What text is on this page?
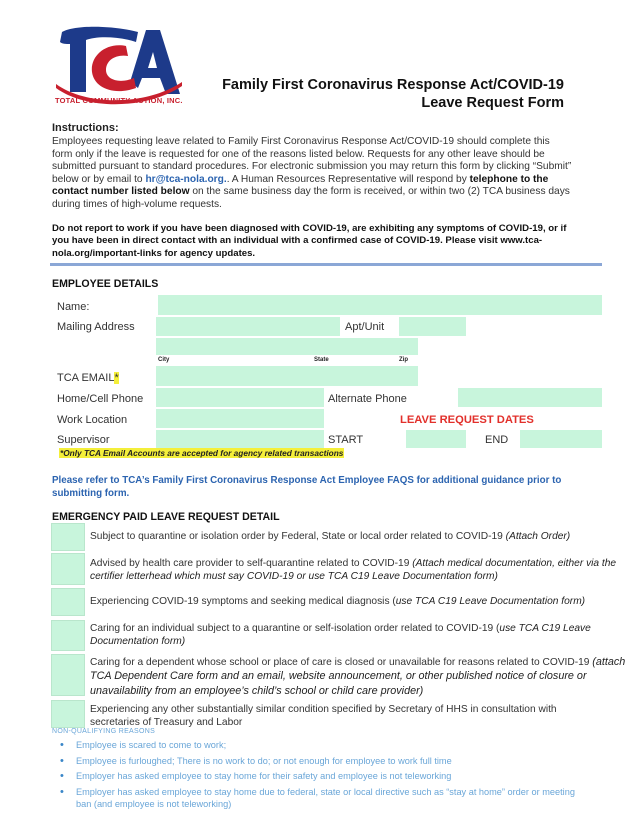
TOTAL COMMUNITY ACTION, INC.
Family First Coronavirus Response Act/COVID-19
Leave Request Form
Instructions:
Employees requesting leave related to Family First Coronavirus Response Act/COVID-19 should complete this form only if the leave is requested for one of the reasons listed below. Requests for any other leave should be submitted pursuant to standard procedures. For electronic submission you may return this form by clicking “Submit” below or by email to hr@tca-nola.org.. A Human Resources Representative will respond by telephone to the contact number listed below on the same business day the form is received, or within two (2) TCA business days during times of high-volume requests.
Do not report to work if you have been diagnosed with COVID-19, are exhibiting any symptoms of COVID-19, or if you have been in direct contact with an individual with a confirmed case of COVID-19. Please visit www.tca-nola.org/important-links for agency updates.
EMPLOYEE DETAILS
Name:
Mailing Address	Apt/Unit
City	State	Zip
TCA EMAIL*
Home/Cell Phone	Alternate Phone
Work Location	LEAVE REQUEST DATES
Supervisor	START	END
*Only TCA Email Accounts are accepted for agency related transactions
Please refer to TCA’s Family First Coronavirus Response Act Employee FAQS for additional guidance prior to submitting form.
EMERGENCY PAID LEAVE REQUEST DETAIL
Subject to quarantine or isolation order by Federal, State or local order related to COVID-19 (Attach Order)
Advised by health care provider to self-quarantine related to COVID-19 (Attach medical documentation, either via the certifier letterhead which must say COVID-19 or use TCA C19 Leave Documentation form)
Experiencing COVID-19 symptoms and seeking medical diagnosis (use TCA C19 Leave Documentation form)
Caring for an individual subject to a quarantine or self-isolation order related to COVID-19 (use TCA C19 Leave Documentation form)
Caring for a dependent whose school or place of care is closed or unavailable for reasons related to COVID-19 (attach TCA Dependent Care form and an email, website announcement, or other published notice of closure or unavailability from an employee’s child’s school or child care provider)
Experiencing any other substantially similar condition specified by Secretary of HHS in consultation with secretaries of Treasury and Labor
NON-QUALIFYING REASONS
• Employee is scared to come to work;
• Employee is furloughed; There is no work to do; or not enough for employee to work full time
• Employer has asked employee to stay home for their safety and employee is not teleworking
• Employer has asked employee to stay home due to federal, state or local directive such as “stay at home” order or meeting ban (and employee is not teleworking)
